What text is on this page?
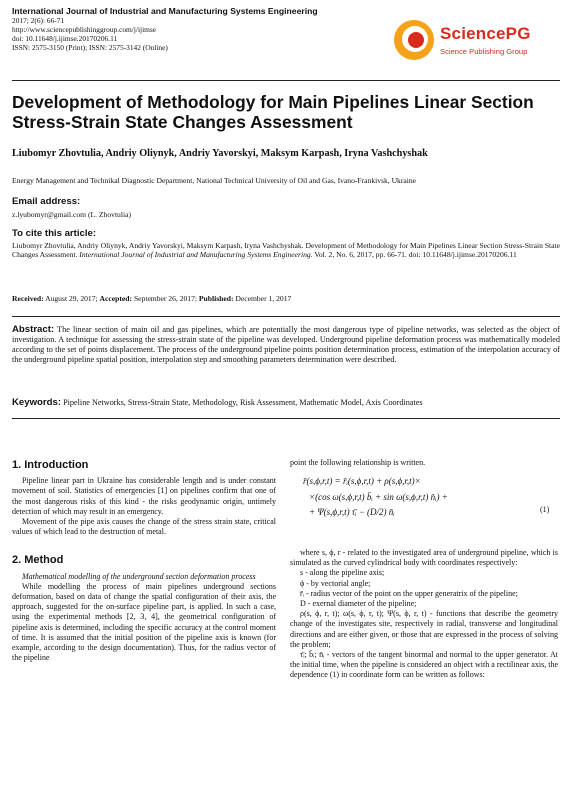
International Journal of Industrial and Manufacturing Systems Engineering
2017; 2(6): 66-71
http://www.sciencepublishinggroup.com/j/ijimse
doi: 10.11648/j.ijimse.20170206.11
ISSN: 2575-3150 (Print); ISSN: 2575-3142 (Online)
SciencePG
Science Publishing Group
Development of Methodology for Main Pipelines Linear Section Stress-Strain State Changes Assessment
Liubomyr Zhovtulia, Andriy Oliynyk, Andriy Yavorskyi, Maksym Karpash, Iryna Vashchyshak
Energy Management and Technikal Diagnostic Department, National Technical University of Oil and Gas, Ivano-Frankivsk, Ukraine
Email address:
z.lyubomyr@gmail.com (L. Zhovtulia)
To cite this article:
Liubomyr Zhovtulia, Andriy Oliynyk, Andriy Yavorskyi, Maksym Karpash, Iryna Vashchyshak. Development of Methodology for Main Pipelines Linear Section Stress-Strain State Changes Assessment. International Journal of Industrial and Manufacturing Systems Engineering. Vol. 2, No. 6, 2017, pp. 66-71. doi: 10.11648/j.ijimse.20170206.11
Received: August 29, 2017; Accepted: September 26, 2017; Published: December 1, 2017
Abstract: The linear section of main oil and gas pipelines, which are potentially the most dangerous type of pipeline networks, was selected as the object of investigation. A technique for assessing the stress-strain state of the pipeline was developed. Underground pipeline deformation process was mathematically modeled according to the set of points displacement. The process of the underground pipeline points position determination process, estimation of the interpolation accuracy of the underground pipeline spatial position, interpolation step and smoothing parameters determination were described.
Keywords: Pipeline Networks, Stress-Strain State, Methodology, Risk Assessment, Mathematic Model, Axis Coordinates
1. Introduction

Pipeline linear part in Ukraine has considerable length and is under constant movement of soil. Statistics of emergencies [1] on pipelines confirm that one of the most dangerous risks of this kind - the risks geodynamic origin, untimely detection of which may result in an emergency.

Movement of the pipe axis causes the change of the stress strain state, critical values of which lead to the destruction of metal.

2. Method

Mathematical modelling of the underground section deformation process

While modelling the process of main pipelines underground sections deformation, based on data of change the spatial configuration of their axis, the approach, suggested for the on-surface pipeline part, is applied. In such a case, using the experimental methods [2, 3, 4], the geometrical configuration of pipeline axis is determined, including the specific accuracy at the control moment of time. It is assumed that the initial position of the pipeline axis is known (for example, according to the design documentation). Thus, for the radius vector of the pipeline

point the following relationship is written.
r̄(s,ϕ,r,t) = r̄ᵢ(s,ϕ,r,t) + ρ(s,ϕ,r,t)×
×(cos ω(s,ϕ,r,t) b̄ᵢ + sin ω(s,ϕ,r,t) n̄ᵢ) +
+ Ψ(s,ϕ,r,t) τ̄ᵢ − (D/2) n̄ᵢ	(1)

where s, ϕ, r - related to the investigated area of underground pipeline, which is simulated as the curved cylindrical body with coordinates respectively:

s - along the pipeline axis;

ϕ - by vectorial angle;

r̄ᵢ - radius vector of the point on the upper generatrix of the pipeline;

D - exernal diameter of the pipeline;

ρ(s, ϕ, r, t); ω(s, ϕ, r, t); Ψ(s, ϕ, r, t) - functions that describe the geometry change of the investigates site, respectively in radial, transverse and longitudinal directions and are either given, or those that are expressed in the process of solving the problem;

τ̄ᵢ; b̄ᵢ; n̄ᵢ - vectors of the tangent binormal and normal to the upper generator. At the initial time, when the pipeline is considered an object with a rectilinear axis, the dependence (1) in coordinate form can be written as follows:
